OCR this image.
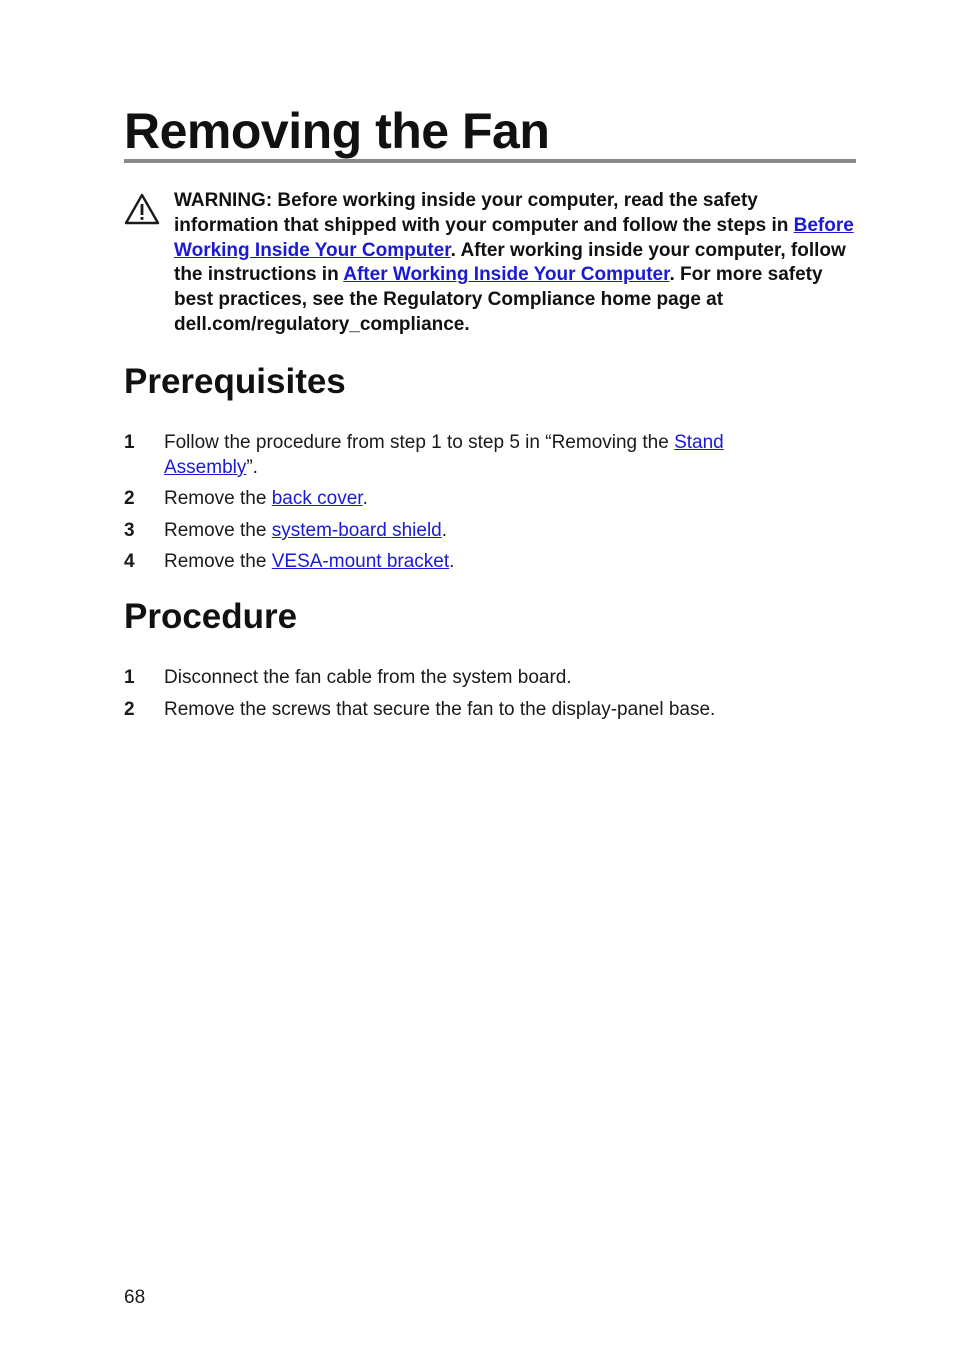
Removing the Fan
WARNING: Before working inside your computer, read the safety information that shipped with your computer and follow the steps in Before Working Inside Your Computer. After working inside your computer, follow the instructions in After Working Inside Your Computer. For more safety best practices, see the Regulatory Compliance home page at dell.com/regulatory_compliance.
Prerequisites
1	Follow the procedure from step 1 to step 5 in “Removing the Stand Assembly”.
2	Remove the back cover.
3	Remove the system-board shield.
4	Remove the VESA-mount bracket.
Procedure
1	Disconnect the fan cable from the system board.
2	Remove the screws that secure the fan to the display-panel base.
68
